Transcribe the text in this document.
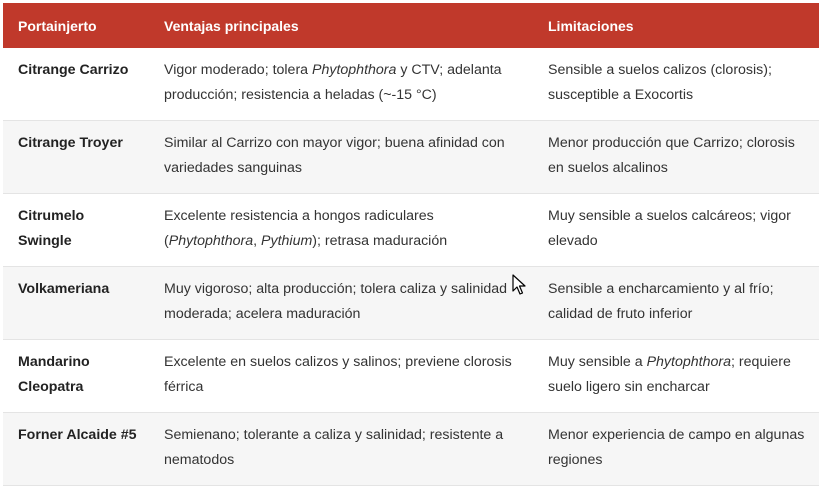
Portainjerto	Ventajas principales	Limitaciones
Citrange Carrizo	Vigor moderado; tolera Phytophthora y CTV; adelanta producción; resistencia a heladas (~-15 °C)	Sensible a suelos calizos (clorosis); susceptible a Exocortis
Citrange Troyer	Similar al Carrizo con mayor vigor; buena afinidad con variedades sanguinas	Menor producción que Carrizo; clorosis en suelos alcalinos
Citrumelo Swingle	Excelente resistencia a hongos radiculares (Phytophthora, Pythium); retrasa maduración	Muy sensible a suelos calcáreos; vigor elevado
Volkameriana	Muy vigoroso; alta producción; tolera caliza y salinidad moderada; acelera maduración	Sensible a encharcamiento y al frío; calidad de fruto inferior
Mandarino Cleopatra	Excelente en suelos calizos y salinos; previene clorosis férrica	Muy sensible a Phytophthora; requiere suelo ligero sin encharcar
Forner Alcaide #5	Semienano; tolerante a caliza y salinidad; resistente a nematodos	Menor experiencia de campo en algunas regiones
